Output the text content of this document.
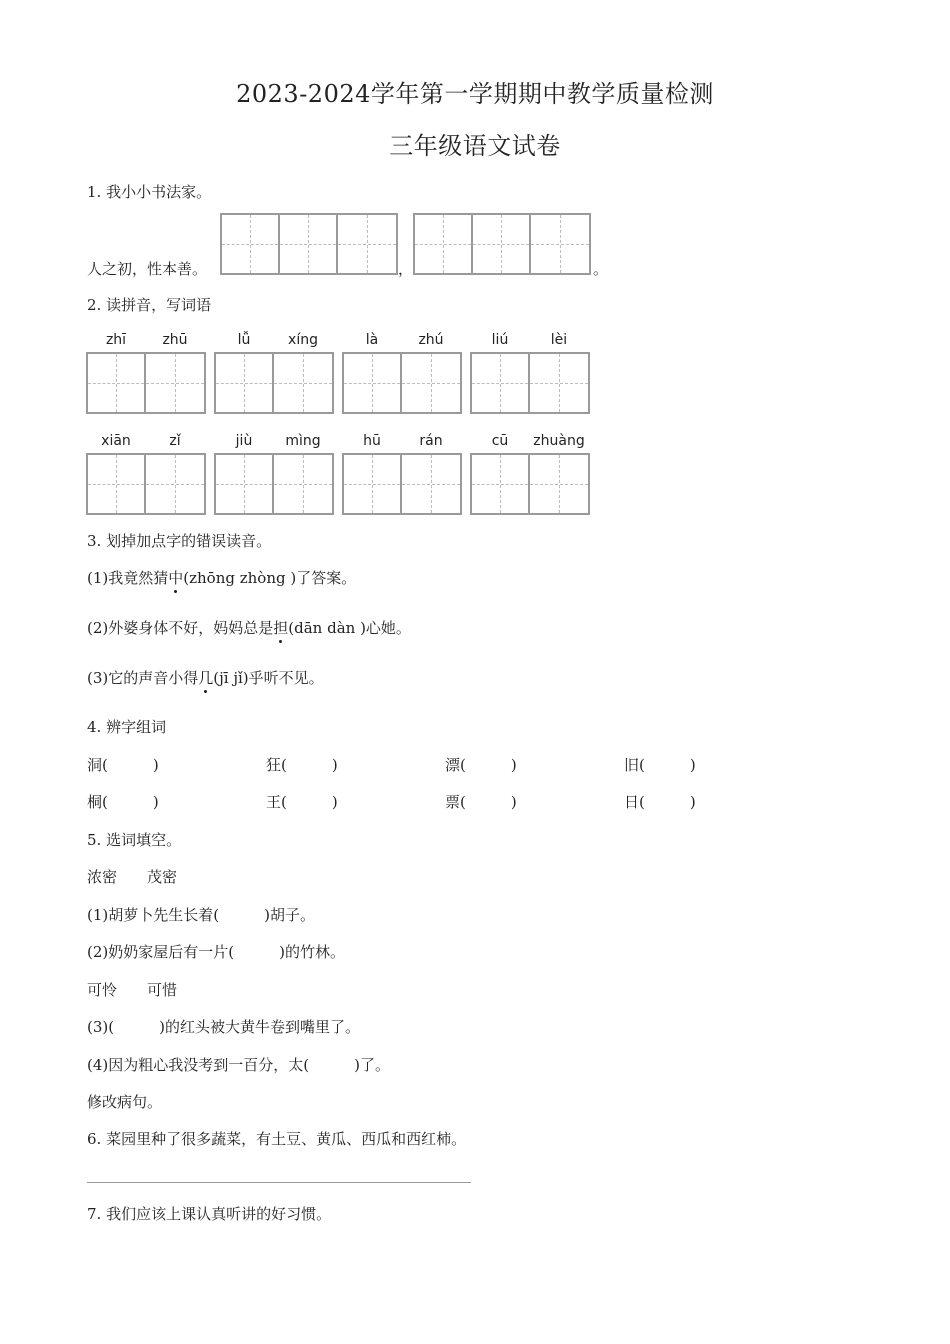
2023-2024学年第一学期期中教学质量检测
三年级语文试卷
1. 我小小书法家。
人之初，性本善。	，	。
2. 读拼音，写词语
zhī	zhū	lǚ	xíng	là	zhú	liú	lèi
xiān	zǐ	jiù	mìng	hū	rán	cū	zhuàng
3. 划掉加点字的错误读音。
(1)我竟然猜中(zhōng zhòng )了答案。
(2)外婆身体不好，妈妈总是担(dān dàn )心她。
(3)它的声音小得几(jī jǐ)乎听不见。
4. 辨字组词
洞(　　　)	狂(　　　)	漂(　　　)	旧(　　　)
桐(　　　)	王(　　　)	票(　　　)	日(　　　)
5. 选词填空。
浓密　　茂密
(1)胡萝卜先生长着(　　　)胡子。
(2)奶奶家屋后有一片(　　　)的竹林。
可怜　　可惜
(3)(　　　)的红头被大黄牛卷到嘴里了。
(4)因为粗心我没考到一百分，太(　　　)了。
修改病句。
6. 菜园里种了很多蔬菜，有土豆、黄瓜、西瓜和西红柿。
7. 我们应该上课认真听讲的好习惯。
